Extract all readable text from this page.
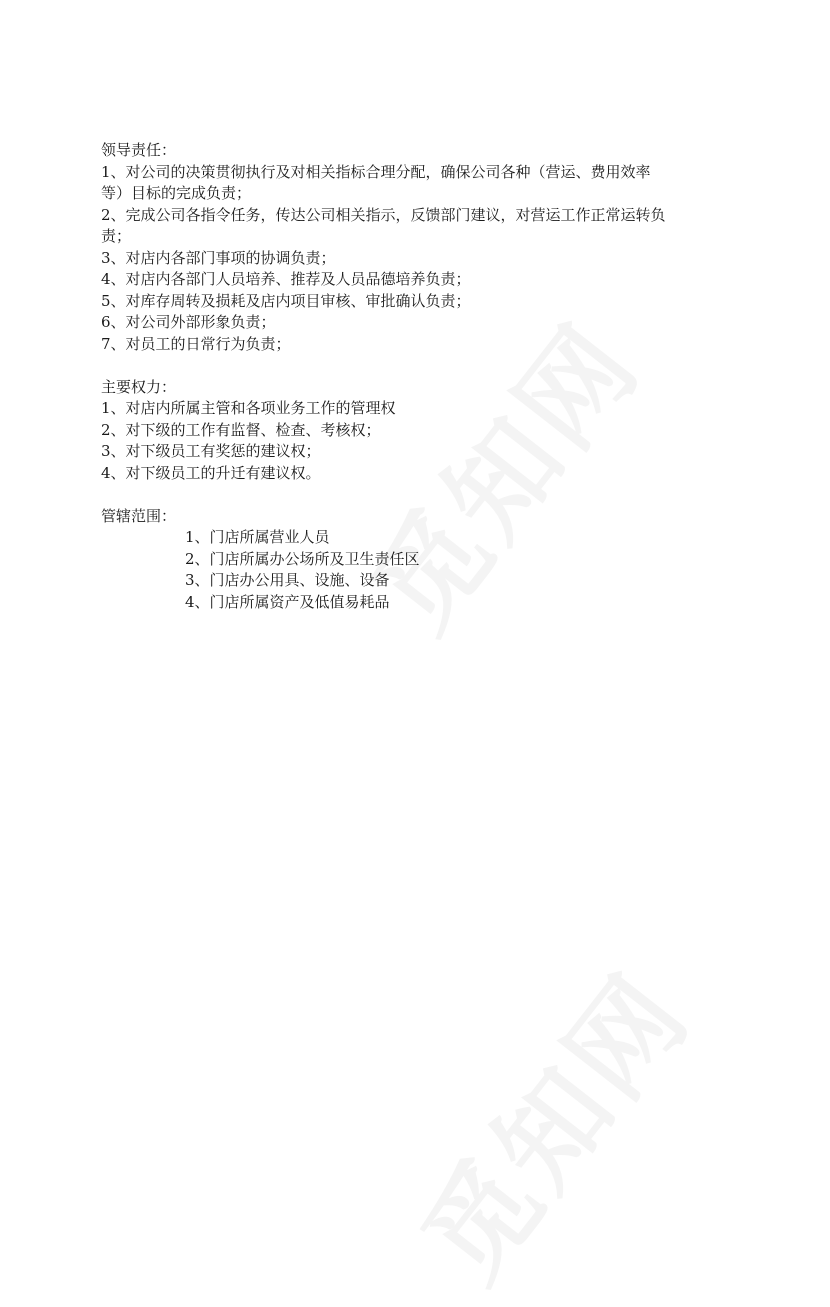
领导责任：

1、对公司的决策贯彻执行及对相关指标合理分配，确保公司各种（营运、费用效率

等）目标的完成负责；

2、完成公司各指令任务，传达公司相关指示，反馈部门建议，对营运工作正常运转负

责；

3、对店内各部门事项的协调负责；

4、对店内各部门人员培养、推荐及人员品德培养负责；

5、对库存周转及损耗及店内项目审核、审批确认负责；

6、对公司外部形象负责；

7、对员工的日常行为负责；

主要权力：

1、对店内所属主管和各项业务工作的管理权

2、对下级的工作有监督、检查、考核权；

3、对下级员工有奖惩的建议权；

4、对下级员工的升迁有建议权。

管辖范围：

1、门店所属营业人员

2、门店所属办公场所及卫生责任区

3、门店办公用具、设施、设备

4、门店所属资产及低值易耗品
